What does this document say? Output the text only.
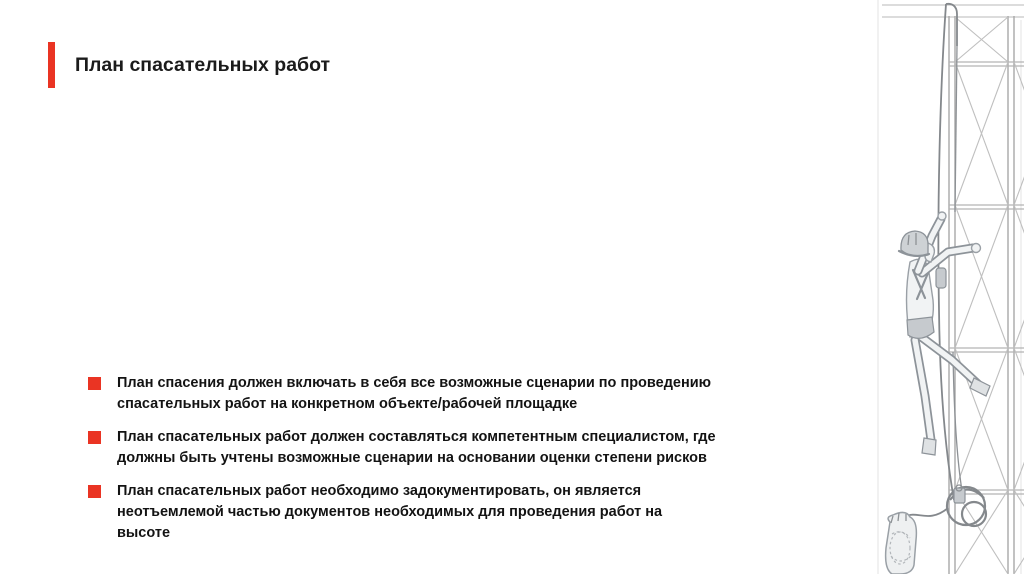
План спасательных работ

План спасения должен включать в себя все возможные сценарии по проведению спасательных работ на конкретном объекте/рабочей площадке

План спасательных работ должен составляться компетентным специалистом, где должны быть учтены возможные сценарии на основании оценки степени рисков

План спасательных работ необходимо задокументировать, он является неотъемлемой частью документов необходимых для проведения работ на высоте
